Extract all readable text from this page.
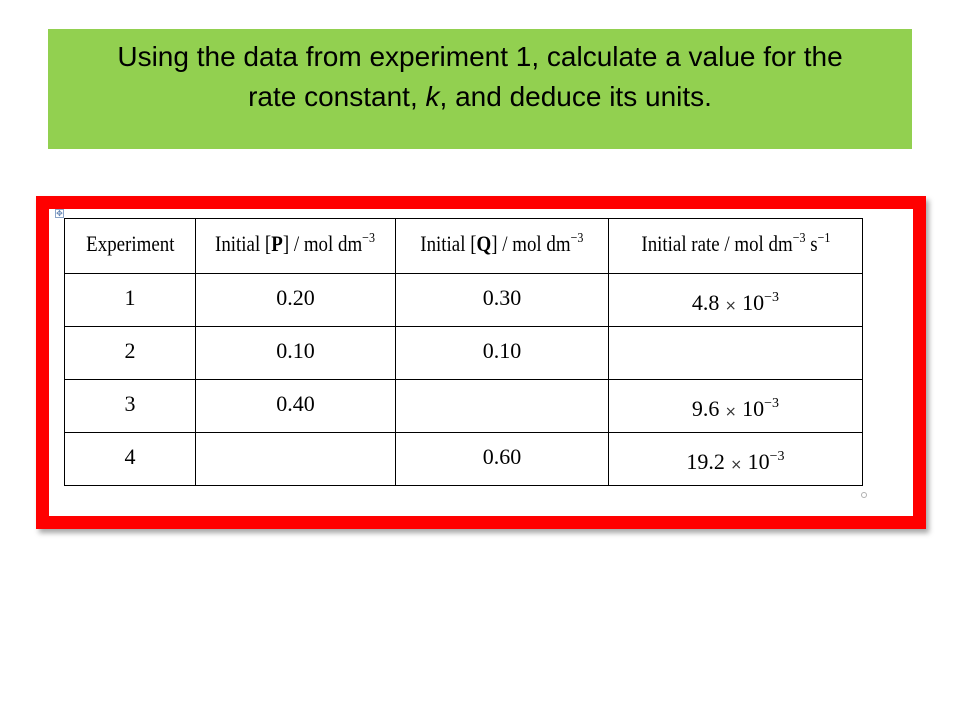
Using the data from experiment 1, calculate a value for the
rate constant, k, and deduce its units.
✥
Experiment	Initial [P] / mol $dm^{-3}$	Initial [Q] / mol $dm^{-3}$	Initial rate / mol $dm^{-3}$ $s^{-1}$
1	0.20	0.30	$4.8 \times 10^{-3}$
2	0.10	0.10	
3	0.40		$9.6 \times 10^{-3}$
4		0.60	$19.2 \times 10^{-3}$
